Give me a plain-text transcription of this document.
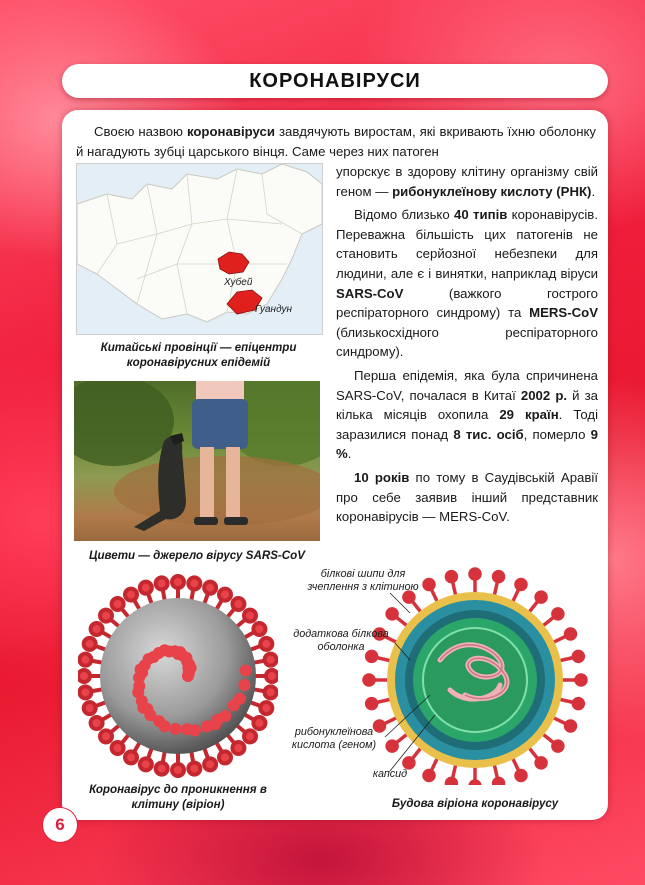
КОРОНАВІРУСИ

Своєю назвою коронавіруси завдячують виростам, які вкривають їхню оболонку й нагадують зубці царського вінця. Саме через них патоген

упорскує в здорову клітину організму свій геном — рибонуклеїнову кислоту (РНК).

Відомо близько 40 типів коронавірусів. Переважна більшість цих патогенів не становить серйозної небезпеки для людини, але є і винятки, наприклад віруси SARS-CoV (важкого гострого респіраторного синдрому) та MERS-CoV (близькосхідного респіраторного синдрому).

Перша епідемія, яка була спричинена SARS-CoV, почалася в Китаї 2002 р. й за кілька місяців охопила 29 країн. Тоді заразилися понад 8 тис. осіб, померло 9 %.

10 років по тому в Саудівській Аравії про себе заявив інший представник коронавірусів — MERS-CoV.

Хубей
Гуандун
Китайські провінції — епіцентри коронавірусних епідемій
Цивети — джерело вірусу SARS-CoV
Коронавірус до проникнення в клітину (віріон)
білкові шипи для зчеплення з клітиною
додаткова білкова оболонка
рибонуклеїнова кислота (геном)
капсид
Будова віріона коронавірусу
6
